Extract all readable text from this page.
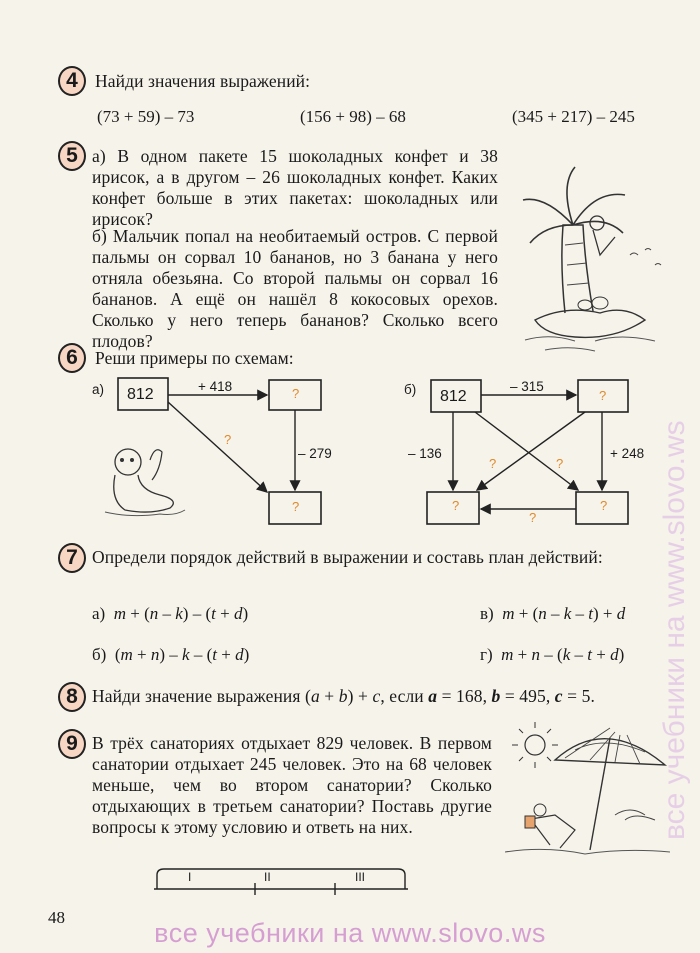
все учебники на www.slovo.ws
4 Найди значения выражений:
(73 + 59) – 73	(156 + 98) – 68	(345 + 217) – 245
5 а) В одном пакете 15 шоколадных конфет и 38 ирисок, а в другом – 26 шоколадных конфет. Каких конфет больше в этих пакетах: шоколадных или ирисок?
б) Мальчик попал на необитаемый остров. С первой пальмы он сорвал 10 бананов, но 3 банана у него отняла обезьяна. Со второй пальмы он сорвал 16 бананов. А ещё он нашёл 8 кокосовых орехов. Сколько у него теперь бананов? Сколько всего плодов?
6 Реши примеры по схемам:
а) 812	+ 418	?
?
– 279
?
б) 812
– 315
?
– 136	+ 248
?	?
?
?
?
7 Определи порядок действий в выражении и составь план действий:
а) m + (n – k) – (t + d)	в) m + (n – k – t) + d
б)  (m + n) – k – (t + d)	г) m + n – (k – t + d)
8 Найди значение выражения (a + b) + c, если a = 168, b = 495, c = 5.
9 В трёх санаториях отдыхает 829 человек. В первом санатории отдыхает 245 человек. Это на 68 человек меньше, чем во втором санатории? Сколько отдыхающих в третьем санатории? Поставь другие вопросы к этому условию и ответь на них.
I	II	III
48
все учебники на www.slovo.ws
